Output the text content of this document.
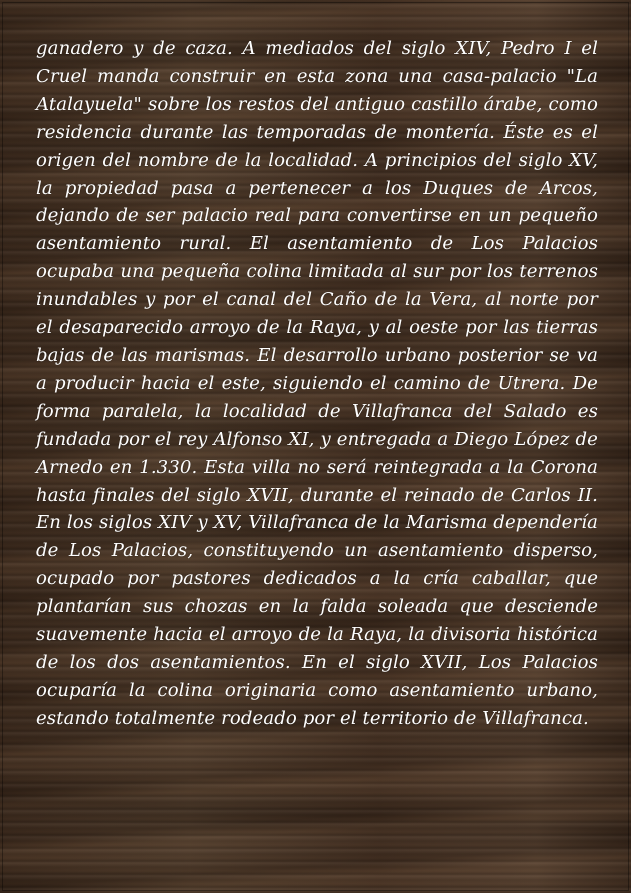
ganadero y de caza. A mediados del siglo XIV, Pedro I el Cruel manda construir en esta zona una casa-palacio "La Atalayuela" sobre los restos del antiguo castillo árabe, como residencia durante las temporadas de montería. Éste es el origen del nombre de la localidad. A principios del siglo XV, la propiedad pasa a pertenecer a los Duques de Arcos, dejando de ser palacio real para convertirse en un pequeño asentamiento rural. El asentamiento de Los Palacios ocupaba una pequeña colina limitada al sur por los terrenos inundables y por el canal del Caño de la Vera, al norte por el desaparecido arroyo de la Raya, y al oeste por las tierras bajas de las marismas. El desarrollo urbano posterior se va a producir hacia el este, siguiendo el camino de Utrera. De forma paralela, la localidad de Villafranca del Salado es fundada por el rey Alfonso XI, y entregada a Diego López de Arnedo en 1.330. Esta villa no será reintegrada a la Corona hasta finales del siglo XVII, durante el reinado de Carlos II. En los siglos XIV y XV, Villafranca de la Marisma dependería de Los Palacios, constituyendo un asentamiento disperso, ocupado por pastores dedicados a la cría caballar, que plantarían sus chozas en la falda soleada que desciende suavemente hacia el arroyo de la Raya, la divisoria histórica de los dos asentamientos. En el siglo XVII, Los Palacios ocuparía la colina originaria como asentamiento urbano, estando totalmente rodeado por el territorio de Villafranca.
